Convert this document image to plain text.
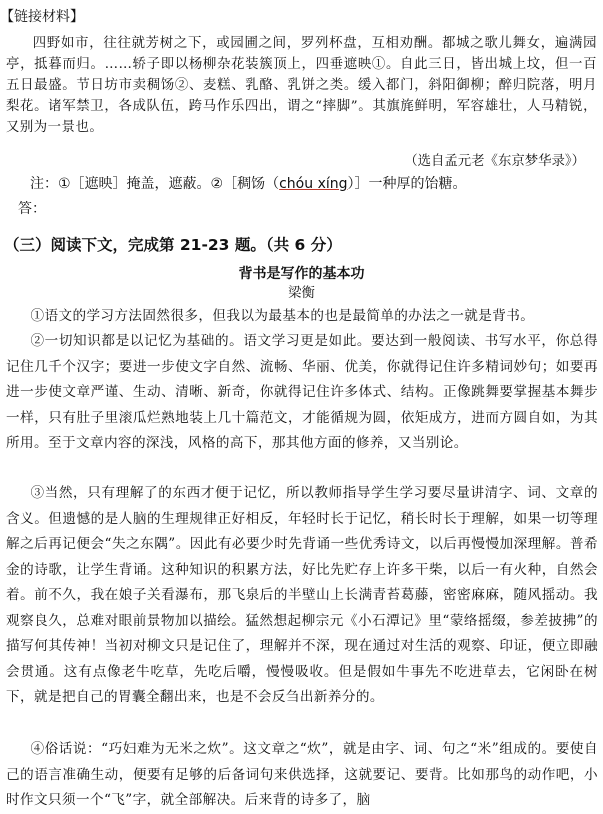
【链接材料】

四野如市，往往就芳树之下，或园圃之间，罗列杯盘，互相劝酬。都城之歌儿舞女，遍满园亭，抵暮而归。……轿子即以杨柳杂花装簇顶上，四垂遮映①。自此三日，皆出城上坟，但一百五日最盛。节日坊市卖稠饧②、麦糕、乳酪、乳饼之类。缓入都门，斜阳御柳；醉归院落，明月梨花。诸军禁卫，各成队伍，跨马作乐四出，谓之“摔脚”。其旗旄鲜明，军容雄壮，人马精锐，又别为一景也。

（选自孟元老《东京梦华录》）
注：①［遮映］掩盖，遮蔽。②［稠饧（chóu xíng）］一种厚的饴糖。
答：
（三）阅读下文，完成第 21-23 题。（共 6 分）
背书是写作的基本功
梁衡

①语文的学习方法固然很多，但我以为最基本的也是最简单的办法之一就是背书。

②一切知识都是以记忆为基础的。语文学习更是如此。要达到一般阅读、书写水平，你总得记住几千个汉字；要进一步使文字自然、流畅、华丽、优美，你就得记住许多精词妙句；如要再进一步使文章严谨、生动、清晰、新奇，你就得记住许多体式、结构。正像跳舞要掌握基本舞步一样，只有肚子里滚瓜烂熟地装上几十篇范文，才能循规为圆，依矩成方，进而方圆自如，为其所用。至于文章内容的深浅，风格的高下，那其他方面的修养，又当别论。

③当然，只有理解了的东西才便于记忆，所以教师指导学生学习要尽量讲清字、词、文章的含义。但遗憾的是人脑的生理规律正好相反，年轻时长于记忆，稍长时长于理解，如果一切等理解之后再记便会“失之东隅”。因此有必要少时先背诵一些优秀诗文，以后再慢慢加深理解。普希金的诗歌，让学生背诵。这种知识的积累方法，好比先贮存上许多干柴，以后一有火种，自然会着。前不久，我在娘子关看瀑布，那飞泉后的半壁山上长满青苔葛藤，密密麻麻，随风摇动。我观察良久，总难对眼前景物加以描绘。猛然想起柳宗元《小石潭记》里“蒙络摇缀，参差披拂”的描写何其传神！当初对柳文只是记住了，理解并不深，现在通过对生活的观察、印证，便立即融会贯通。这有点像老牛吃草，先吃后嚼，慢慢吸收。但是假如牛事先不吃进草去，它闲卧在树下，就是把自己的胃囊全翻出来，也是不会反刍出新养分的。

④俗话说：“巧妇难为无米之炊”。这文章之“炊”，就是由字、词、句之“米”组成的。要使自己的语言准确生动，便要有足够的后备词句来供选择，这就要记、要背。比如那鸟的动作吧，小时作文只须一个“飞”字，就全部解决。后来背的诗多了，脑
